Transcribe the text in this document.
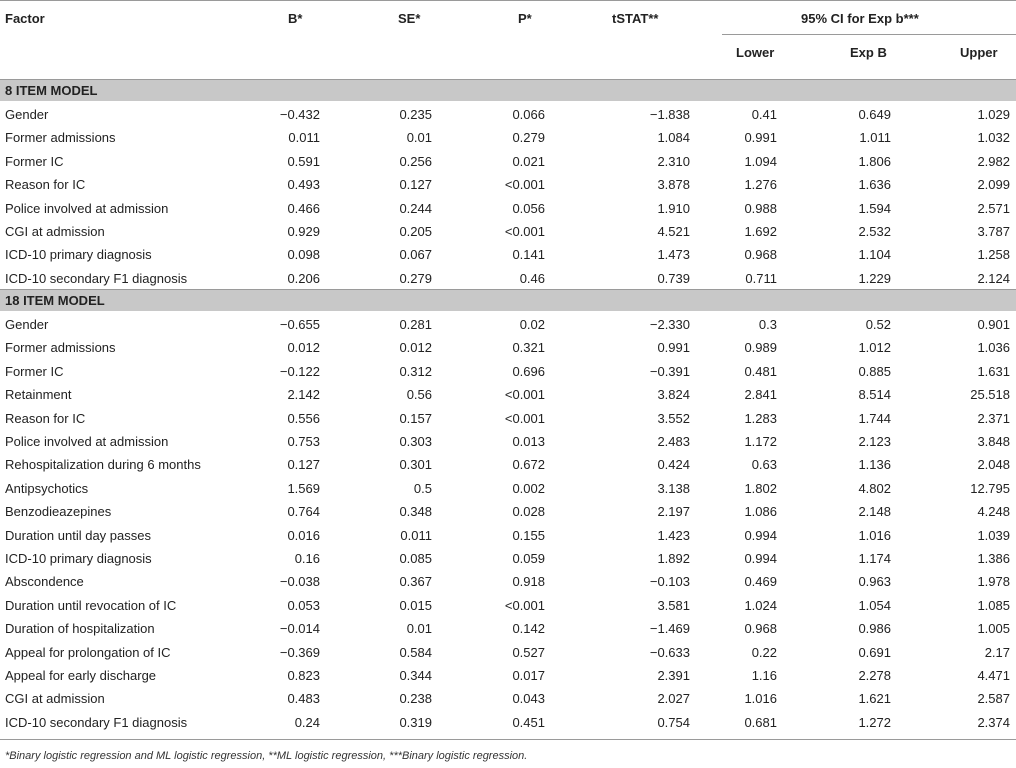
Factor	B*	SE*	P*	tSTAT**	95% CI for Exp b***
Lower	Exp B	Upper
8 ITEM MODEL
Gender	−0.432	0.235	0.066	−1.838	0.41	0.649	1.029
Former admissions	0.011	0.01	0.279	1.084	0.991	1.011	1.032
Former IC	0.591	0.256	0.021	2.310	1.094	1.806	2.982
Reason for IC	0.493	0.127	<0.001	3.878	1.276	1.636	2.099
Police involved at admission	0.466	0.244	0.056	1.910	0.988	1.594	2.571
CGI at admission	0.929	0.205	<0.001	4.521	1.692	2.532	3.787
ICD-10 primary diagnosis	0.098	0.067	0.141	1.473	0.968	1.104	1.258
ICD-10 secondary F1 diagnosis	0.206	0.279	0.46	0.739	0.711	1.229	2.124
18 ITEM MODEL
Gender	−0.655	0.281	0.02	−2.330	0.3	0.52	0.901
Former admissions	0.012	0.012	0.321	0.991	0.989	1.012	1.036
Former IC	−0.122	0.312	0.696	−0.391	0.481	0.885	1.631
Retainment	2.142	0.56	<0.001	3.824	2.841	8.514	25.518
Reason for IC	0.556	0.157	<0.001	3.552	1.283	1.744	2.371
Police involved at admission	0.753	0.303	0.013	2.483	1.172	2.123	3.848
Rehospitalization during 6 months	0.127	0.301	0.672	0.424	0.63	1.136	2.048
Antipsychotics	1.569	0.5	0.002	3.138	1.802	4.802	12.795
Benzodieazepines	0.764	0.348	0.028	2.197	1.086	2.148	4.248
Duration until day passes	0.016	0.011	0.155	1.423	0.994	1.016	1.039
ICD-10 primary diagnosis	0.16	0.085	0.059	1.892	0.994	1.174	1.386
Abscondence	−0.038	0.367	0.918	−0.103	0.469	0.963	1.978
Duration until revocation of IC	0.053	0.015	<0.001	3.581	1.024	1.054	1.085
Duration of hospitalization	−0.014	0.01	0.142	−1.469	0.968	0.986	1.005
Appeal for prolongation of IC	−0.369	0.584	0.527	−0.633	0.22	0.691	2.17
Appeal for early discharge	0.823	0.344	0.017	2.391	1.16	2.278	4.471
CGI at admission	0.483	0.238	0.043	2.027	1.016	1.621	2.587
ICD-10 secondary F1 diagnosis	0.24	0.319	0.451	0.754	0.681	1.272	2.374
*Binary logistic regression and ML logistic regression, **ML logistic regression, ***Binary logistic regression.
